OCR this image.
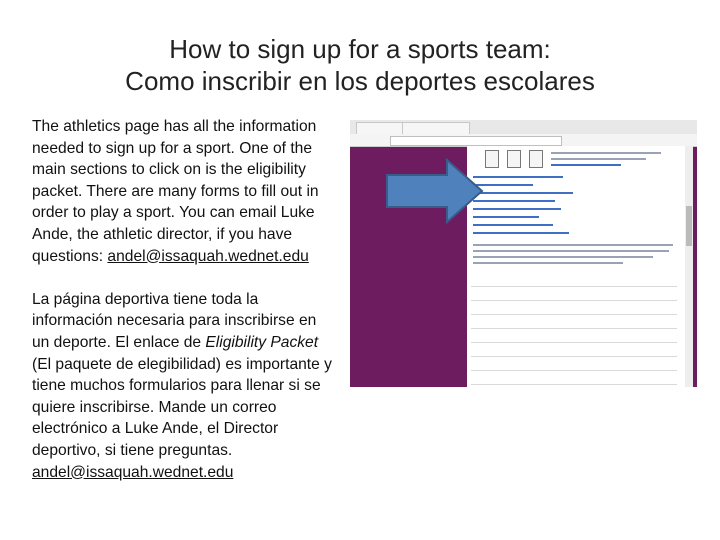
How to sign up for a sports team:
Como inscribir en los deportes escolares

The athletics page has all the information
needed to sign up for a sport. One of the
main sections to click on is the eligibility
packet. There are many forms to fill out in
order to play a sport. You can email Luke
Ande, the athletic director, if you have
questions: andel@issaquah.wednet.edu

La página deportiva tiene toda la
información necesaria para inscribirse en
un deporte. El enlace de Eligibility Packet
(El paquete de elegibilidad) es importante y
tiene muchos formularios para llenar si se
quiere inscribirse. Mande un correo
electrónico a Luke Ande, el Director
deportivo, si tiene preguntas.
andel@issaquah.wednet.edu
